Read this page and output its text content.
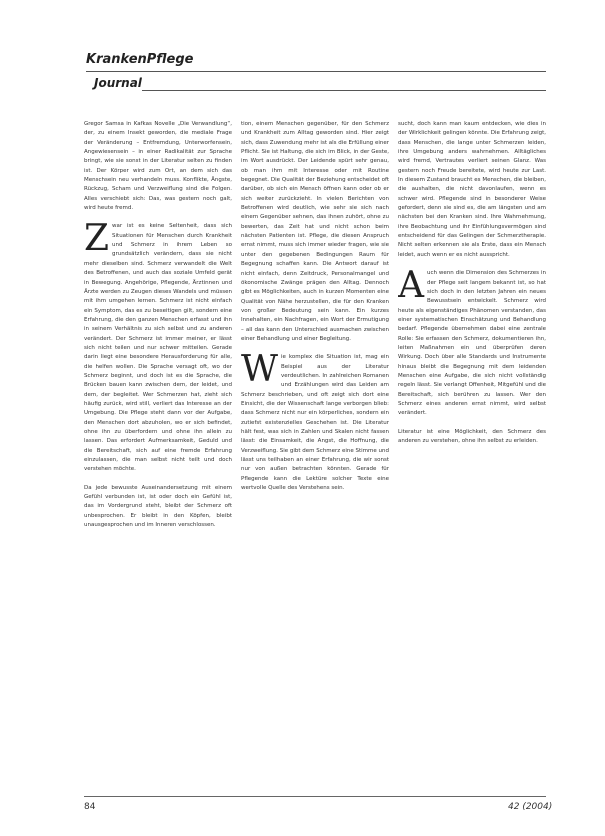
KrankenPflege
Journal

Gregor Samsa in Kafkas Novelle „Die Verwandlung“, der, zu einem Insekt geworden, die mediale Frage der Veränderung – Entfremdung, Unterworfensein, Angewiesensein – in einer Radikalität zur Sprache bringt, wie sie sonst in der Literatur selten zu finden ist. Der Körper wird zum Ort, an dem sich das Menschsein neu verhandeln muss. Konflikte, Ängste, Rückzug, Scham und Verzweiflung sind die Folgen. Alles verschiebt sich: Das, was gestern noch galt, wird heute fremd.

Zwar ist es keine Seltenheit, dass sich Situationen für Menschen durch Krankheit und Schmerz in ihrem Leben so grundsätzlich verändern, dass sie nicht mehr dieselben sind. Schmerz verwandelt die Welt des Betroffenen, und auch das soziale Umfeld gerät in Bewegung. Angehörige, Pflegende, Ärztinnen und Ärzte werden zu Zeugen dieses Wandels und müssen mit ihm umgehen lernen. Schmerz ist nicht einfach ein Symptom, das es zu beseitigen gilt, sondern eine Erfahrung, die den ganzen Menschen erfasst und ihn in seinem Verhältnis zu sich selbst und zu anderen verändert. Der Schmerz ist immer meiner, er lässt sich nicht teilen und nur schwer mitteilen. Gerade darin liegt eine besondere Herausforderung für alle, die helfen wollen. Die Sprache versagt oft, wo der Schmerz beginnt, und doch ist es die Sprache, die Brücken bauen kann zwischen dem, der leidet, und dem, der begleitet. Wer Schmerzen hat, zieht sich häufig zurück, wird still, verliert das Interesse an der Umgebung. Die Pflege steht dann vor der Aufgabe, den Menschen dort abzuholen, wo er sich befindet, ohne ihn zu überfordern und ohne ihn allein zu lassen. Das erfordert Aufmerksamkeit, Geduld und die Bereitschaft, sich auf eine fremde Erfahrung einzulassen, die man selbst nicht teilt und doch verstehen möchte.

Da jede bewusste Auseinandersetzung mit einem Gefühl verbunden ist, ist oder doch ein Gefühl ist, das im Vordergrund steht, bleibt der Schmerz oft unbesprochen. Er bleibt in den Köpfen, bleibt unausgesprochen und im Inneren verschlossen.

tion, einem Menschen gegenüber, für den Schmerz und Krankheit zum Alltag geworden sind. Hier zeigt sich, dass Zuwendung mehr ist als die Erfüllung einer Pflicht. Sie ist Haltung, die sich im Blick, in der Geste, im Wort ausdrückt. Der Leidende spürt sehr genau, ob man ihm mit Interesse oder mit Routine begegnet. Die Qualität der Beziehung entscheidet oft darüber, ob sich ein Mensch öffnen kann oder ob er sich weiter zurückzieht. In vielen Berichten von Betroffenen wird deutlich, wie sehr sie sich nach einem Gegenüber sehnen, das ihnen zuhört, ohne zu bewerten, das Zeit hat und nicht schon beim nächsten Patienten ist. Pflege, die diesen Anspruch ernst nimmt, muss sich immer wieder fragen, wie sie unter den gegebenen Bedingungen Raum für Begegnung schaffen kann. Die Antwort darauf ist nicht einfach, denn Zeitdruck, Personalmangel und ökonomische Zwänge prägen den Alltag. Dennoch gibt es Möglichkeiten, auch in kurzen Momenten eine Qualität von Nähe herzustellen, die für den Kranken von großer Bedeutung sein kann. Ein kurzes Innehalten, ein Nachfragen, ein Wort der Ermutigung – all das kann den Unterschied ausmachen zwischen einer Behandlung und einer Begleitung.

Wie komplex die Situation ist, mag ein Beispiel aus der Literatur verdeutlichen. In zahlreichen Romanen und Erzählungen wird das Leiden am Schmerz beschrieben, und oft zeigt sich dort eine Einsicht, die der Wissenschaft lange verborgen blieb: dass Schmerz nicht nur ein körperliches, sondern ein zutiefst existenzielles Geschehen ist. Die Literatur hält fest, was sich in Zahlen und Skalen nicht fassen lässt: die Einsamkeit, die Angst, die Hoffnung, die Verzweiflung. Sie gibt dem Schmerz eine Stimme und lässt uns teilhaben an einer Erfahrung, die wir sonst nur von außen betrachten könnten. Gerade für Pflegende kann die Lektüre solcher Texte eine wertvolle Quelle des Verstehens sein.

sucht, doch kann man kaum entdecken, wie dies in der Wirklichkeit gelingen könnte. Die Erfahrung zeigt, dass Menschen, die lange unter Schmerzen leiden, ihre Umgebung anders wahrnehmen. Alltägliches wird fremd, Vertrautes verliert seinen Glanz. Was gestern noch Freude bereitete, wird heute zur Last. In diesem Zustand braucht es Menschen, die bleiben, die aushalten, die nicht davonlaufen, wenn es schwer wird. Pflegende sind in besonderer Weise gefordert, denn sie sind es, die am längsten und am nächsten bei den Kranken sind. Ihre Wahrnehmung, ihre Beobachtung und ihr Einfühlungsvermögen sind entscheidend für das Gelingen der Schmerztherapie. Nicht selten erkennen sie als Erste, dass ein Mensch leidet, auch wenn er es nicht ausspricht.

Auch wenn die Dimension des Schmerzes in der Pflege seit langem bekannt ist, so hat sich doch in den letzten Jahren ein neues Bewusstsein entwickelt. Schmerz wird heute als eigenständiges Phänomen verstanden, das einer systematischen Einschätzung und Behandlung bedarf. Pflegende übernehmen dabei eine zentrale Rolle: Sie erfassen den Schmerz, dokumentieren ihn, leiten Maßnahmen ein und überprüfen deren Wirkung. Doch über alle Standards und Instrumente hinaus bleibt die Begegnung mit dem leidenden Menschen eine Aufgabe, die sich nicht vollständig regeln lässt. Sie verlangt Offenheit, Mitgefühl und die Bereitschaft, sich berühren zu lassen. Wer den Schmerz eines anderen ernst nimmt, wird selbst verändert.

Literatur ist eine Möglichkeit, den Schmerz des anderen zu verstehen, ohne ihn selbst zu erleiden.

84	42 (2004)
